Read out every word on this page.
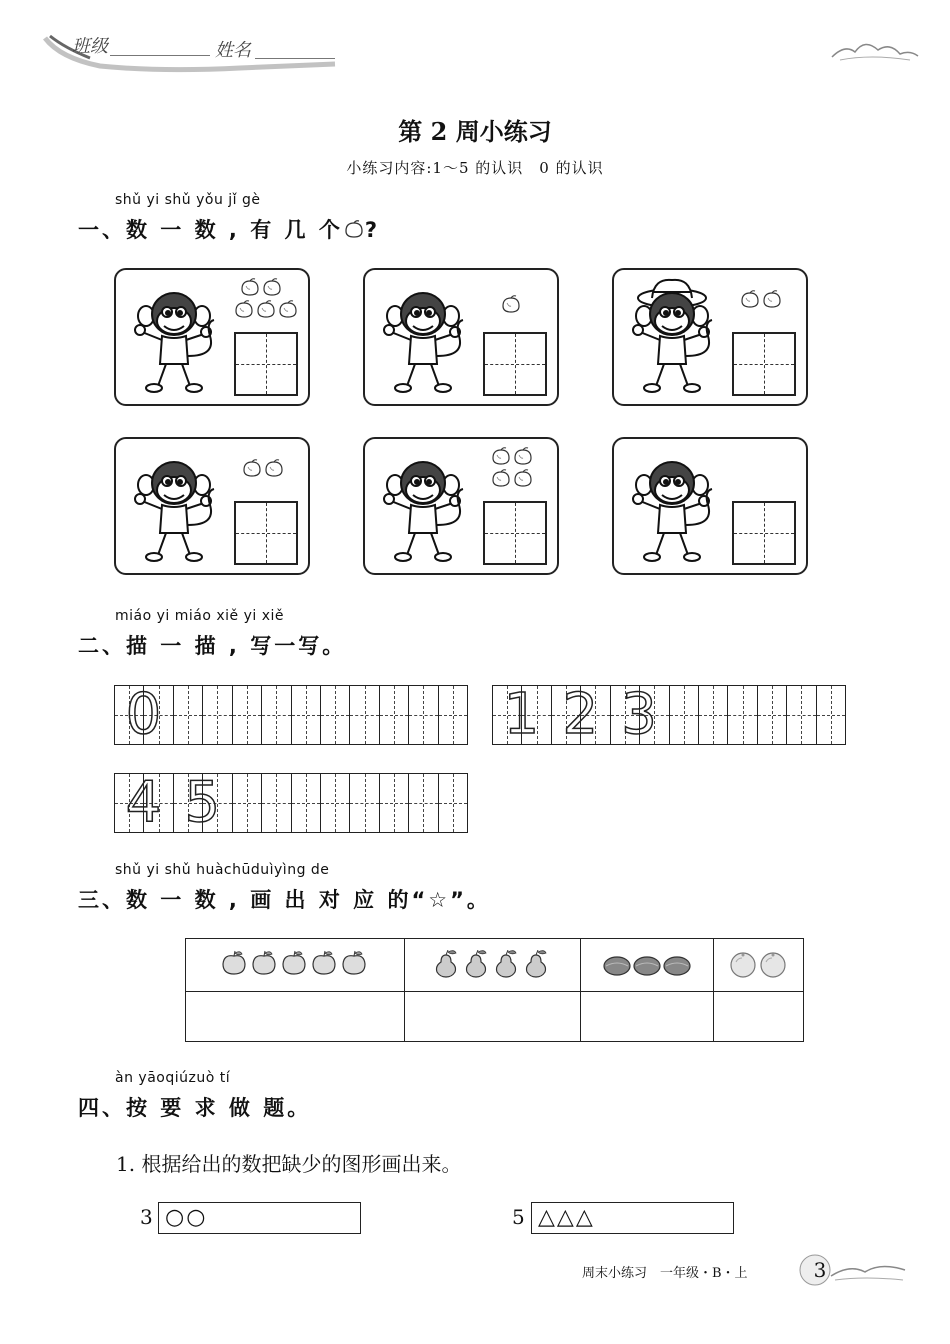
班级	姓名
第 2 周小练习
小练习内容:1～5 的认识　0 的认识
shǔ yi shǔ yǒu jǐ gè
一、数 一 数 , 有 几 个 ?
miáo yi miáo xiě yi xiě
二、描 一 描 , 写一写。
0	1 2 3
4 5
shǔ yi shǔ huàchūduìyìng de
三、数 一 数 , 画 出 对 应 的“☆”。

àn yāoqiúzuò tí
四、按 要 求 做 题。
1. 根据给出的数把缺少的图形画出来。
3 ○○	5 △△△
周末小练习　一年级・B・上	3
